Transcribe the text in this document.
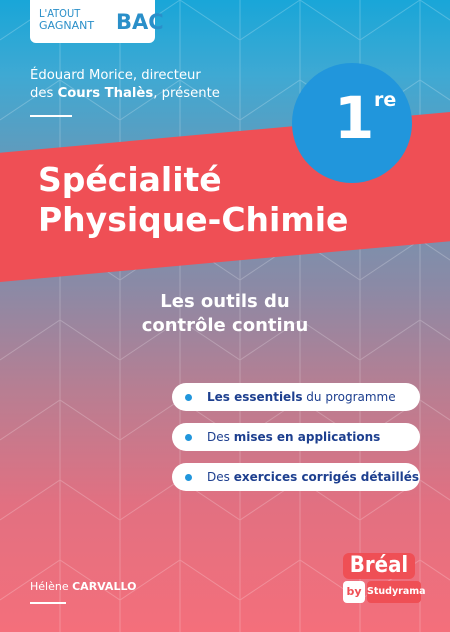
L'ATOUT
GAGNANT BAC
Édouard Morice, directeur
des Cours Thalès, présente	1 re
Spécialité
Physique-Chimie
Les outils du
contrôle continu
Les essentiels du programme
Des mises en applications
Des exercices corrigés détaillés
Hélène CARVALLO
Bréal
by Studyrama
